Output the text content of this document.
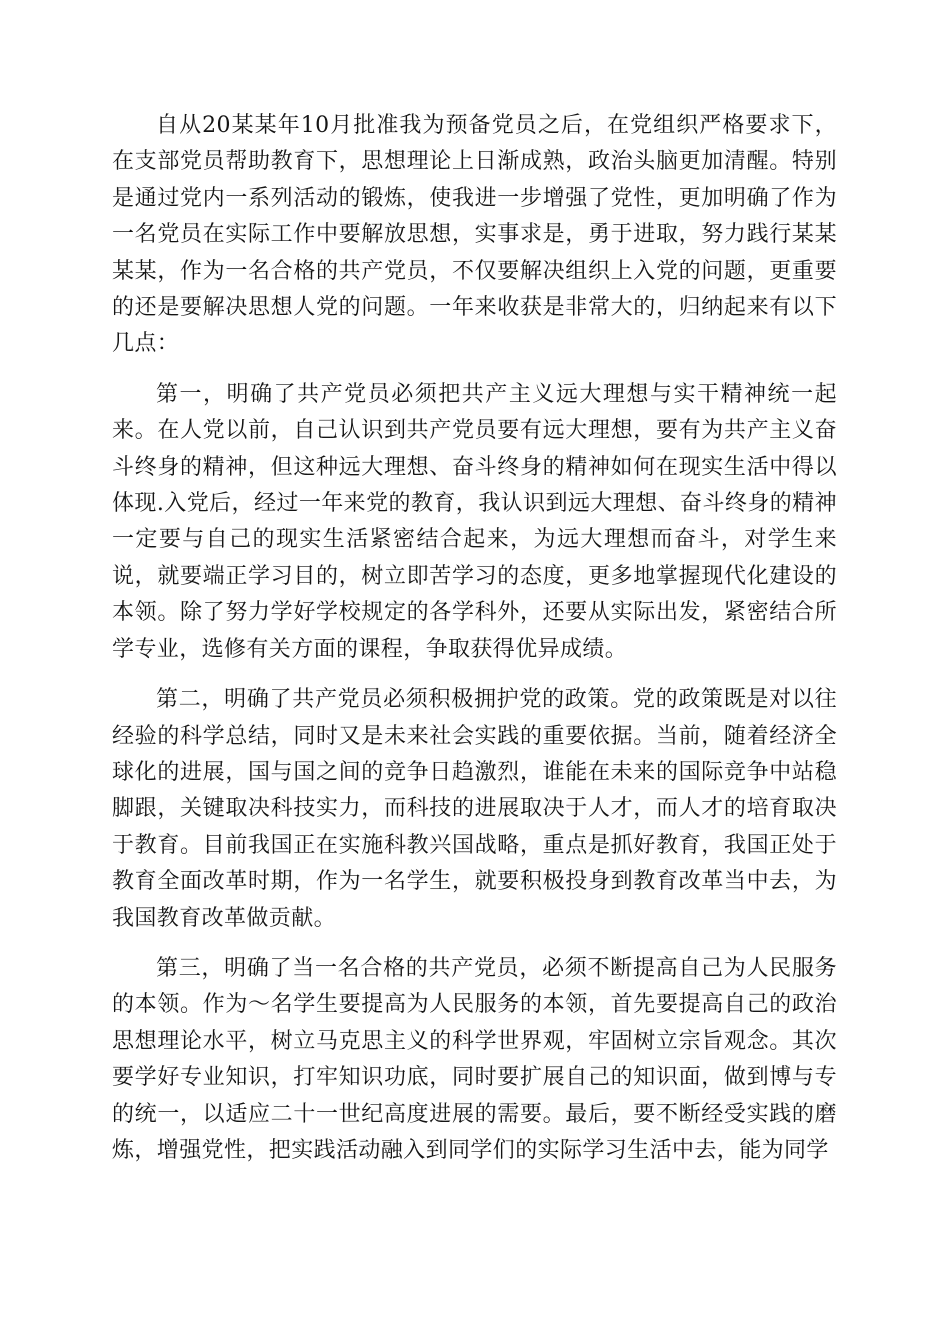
自从20某某年10月批准我为预备党员之后，在党组织严格要求下，在支部党员帮助教育下，思想理论上日渐成熟，政治头脑更加清醒。特别是通过党内一系列活动的锻炼，使我进一步增强了党性，更加明确了作为一名党员在实际工作中要解放思想，实事求是，勇于进取，努力践行某某某某，作为一名合格的共产党员，不仅要解决组织上入党的问题，更重要的还是要解决思想人党的问题。一年来收获是非常大的，归纳起来有以下几点：

第一，明确了共产党员必须把共产主义远大理想与实干精神统一起来。在人党以前，自己认识到共产党员要有远大理想，要有为共产主义奋斗终身的精神，但这种远大理想、奋斗终身的精神如何在现实生活中得以体现.入党后，经过一年来党的教育，我认识到远大理想、奋斗终身的精神一定要与自己的现实生活紧密结合起来，为远大理想而奋斗，对学生来说，就要端正学习目的，树立即苦学习的态度，更多地掌握现代化建设的本领。除了努力学好学校规定的各学科外，还要从实际出发，紧密结合所学专业，选修有关方面的课程，争取获得优异成绩。

第二，明确了共产党员必须积极拥护党的政策。党的政策既是对以往经验的科学总结，同时又是未来社会实践的重要依据。当前，随着经济全球化的进展，国与国之间的竞争日趋激烈，谁能在未来的国际竞争中站稳脚跟，关键取决科技实力，而科技的进展取决于人才，而人才的培育取决于教育。目前我国正在实施科教兴国战略，重点是抓好教育，我国正处于教育全面改革时期，作为一名学生，就要积极投身到教育改革当中去，为我国教育改革做贡献。

第三，明确了当一名合格的共产党员，必须不断提高自己为人民服务的本领。作为～名学生要提高为人民服务的本领，首先要提高自己的政治思想理论水平，树立马克思主义的科学世界观，牢固树立宗旨观念。其次要学好专业知识，打牢知识功底，同时要扩展自己的知识面，做到博与专的统一，以适应二十一世纪高度进展的需要。最后，要不断经受实践的磨炼，增强党性，把实践活动融入到同学们的实际学习生活中去，能为同学
